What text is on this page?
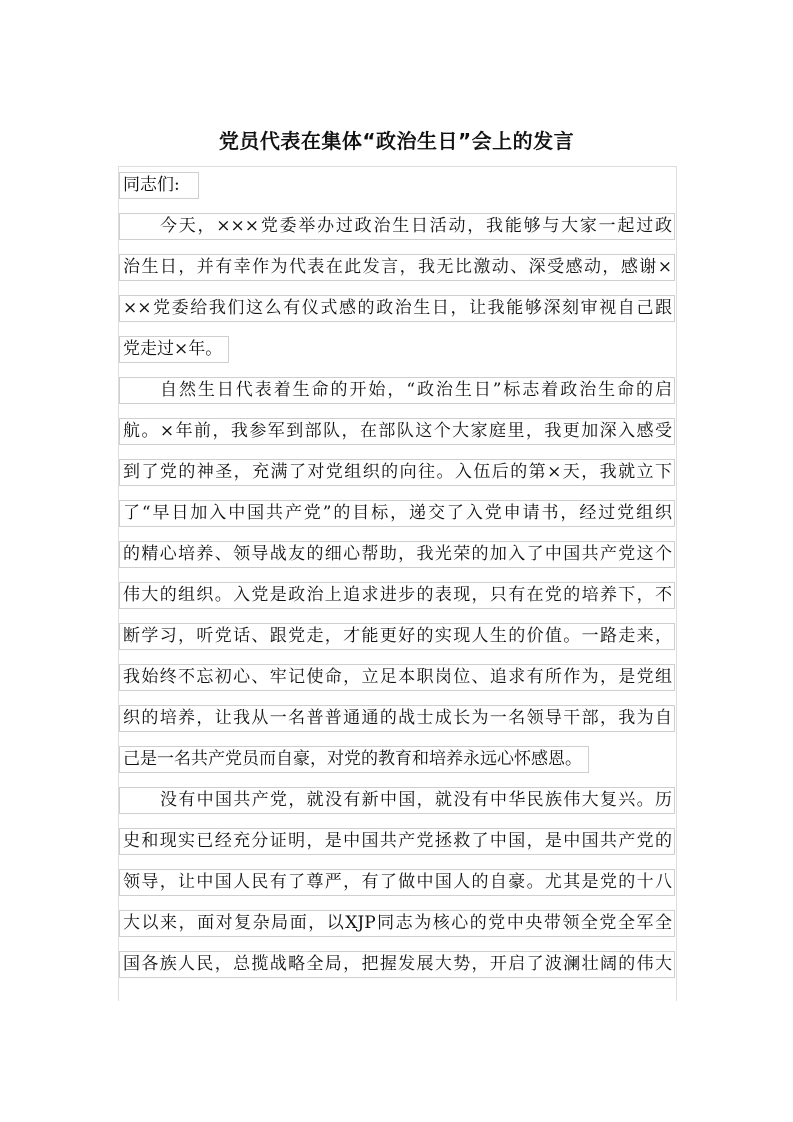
党员代表在集体“政治生日”会上的发言
同志们:
今天，×××党委举办过政治生日活动，我能够与大家一起过政
治生日，并有幸作为代表在此发言，我无比激动、深受感动，感谢×
××党委给我们这么有仪式感的政治生日，让我能够深刻审视自己跟
党走过×年。
自然生日代表着生命的开始，“政治生日”标志着政治生命的启
航。×年前，我参军到部队，在部队这个大家庭里，我更加深入感受
到了党的神圣，充满了对党组织的向往。入伍后的第×天，我就立下
了“早日加入中国共产党”的目标，递交了入党申请书，经过党组织
的精心培养、领导战友的细心帮助，我光荣的加入了中国共产党这个
伟大的组织。入党是政治上追求进步的表现，只有在党的培养下，不
断学习，听党话、跟党走，才能更好的实现人生的价值。一路走来，
我始终不忘初心、牢记使命，立足本职岗位、追求有所作为，是党组
织的培养，让我从一名普普通通的战士成长为一名领导干部，我为自
己是一名共产党员而自豪，对党的教育和培养永远心怀感恩。
没有中国共产党，就没有新中国，就没有中华民族伟大复兴。历
史和现实已经充分证明，是中国共产党拯救了中国，是中国共产党的
领导，让中国人民有了尊严，有了做中国人的自豪。尤其是党的十八
大以来，面对复杂局面，以XJP同志为核心的党中央带领全党全军全
国各族人民，总揽战略全局，把握发展大势，开启了波澜壮阔的伟大
